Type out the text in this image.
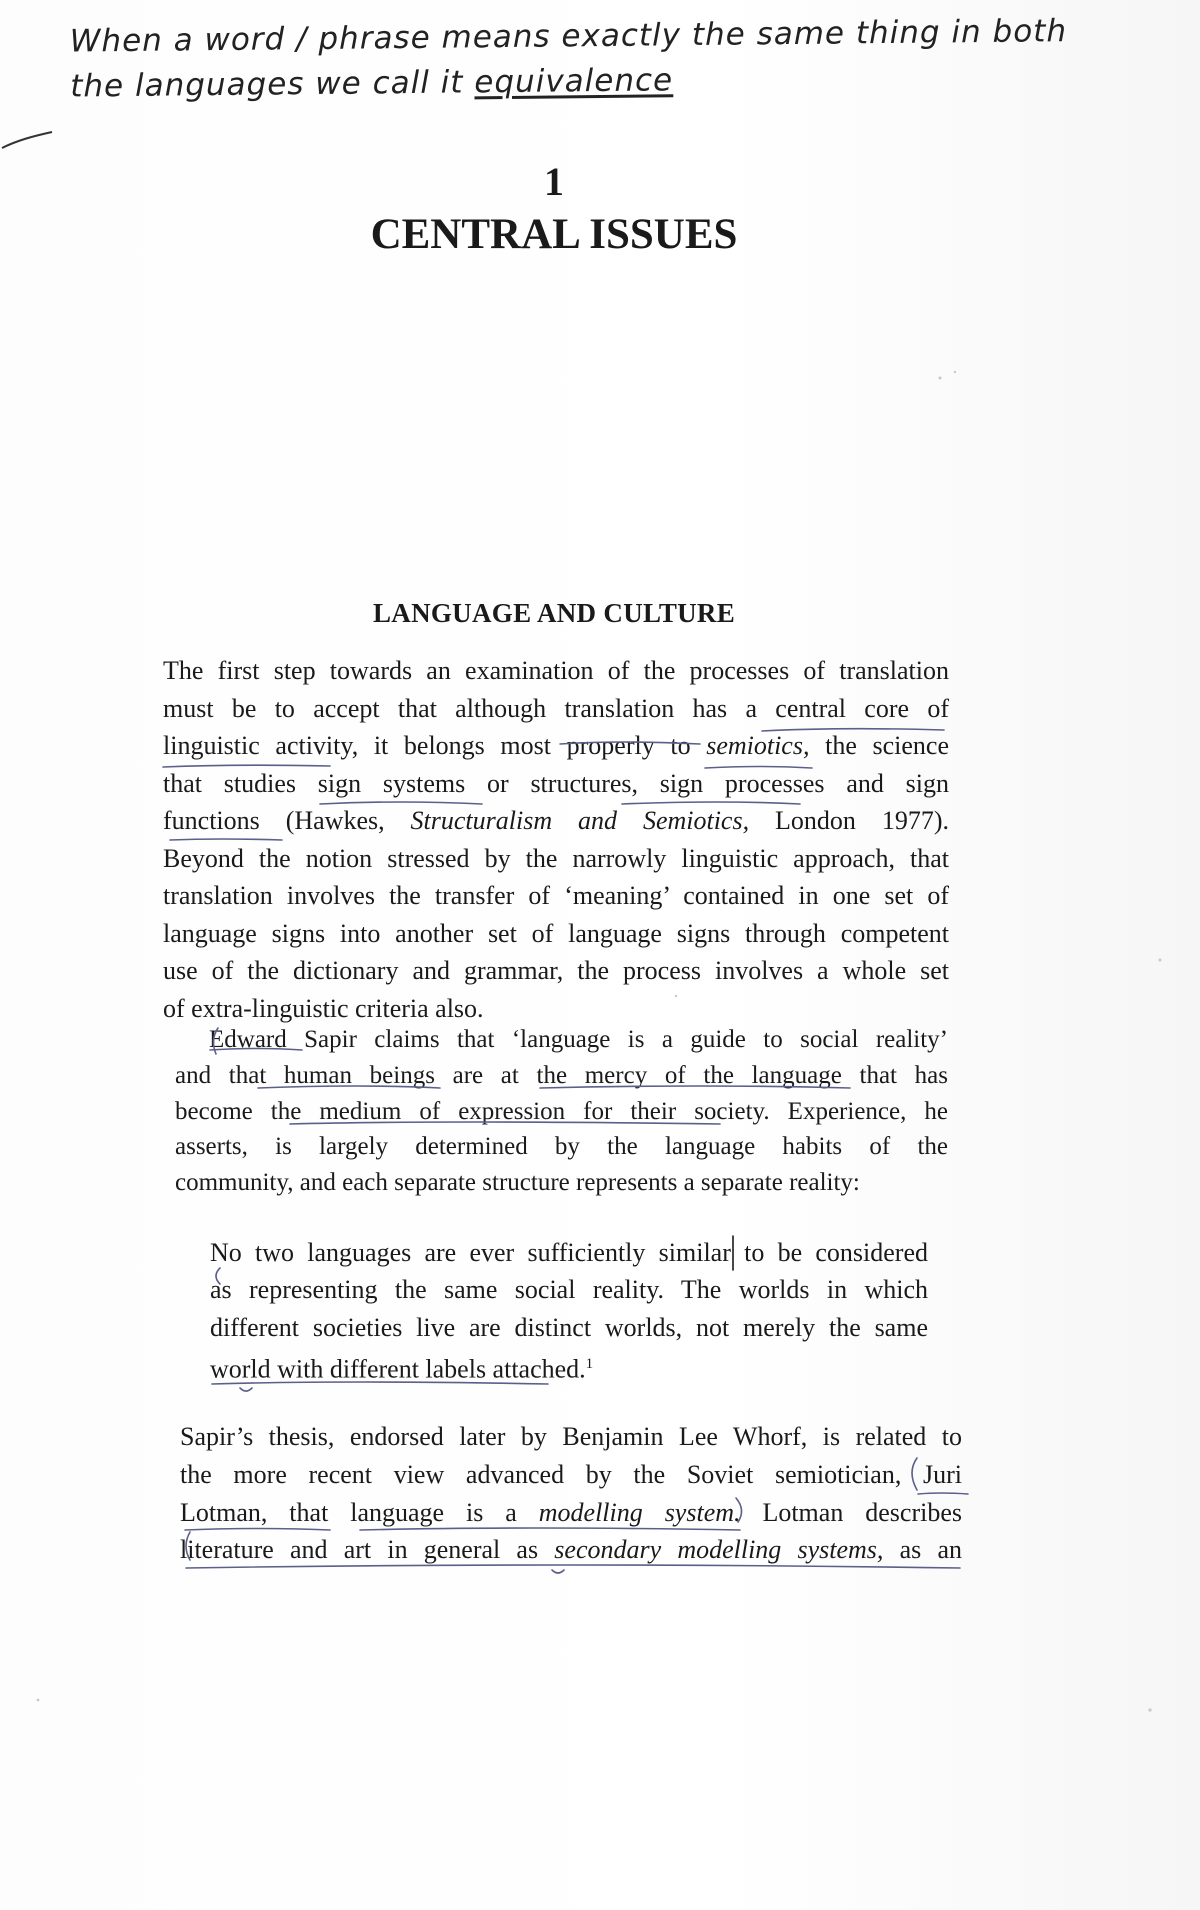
When a word / phrase means exactly the same thing in both
the languages we call it equivalence
1
CENTRAL ISSUES
LANGUAGE AND CULTURE

The first step towards an examination of the processes of translation
must be to accept that although translation has a central core of
linguistic activity, it belongs most properly to semiotics, the science
that studies sign systems or structures, sign processes and sign
functions (Hawkes, Structuralism and Semiotics, London 1977).
Beyond the notion stressed by the narrowly linguistic approach, that
translation involves the transfer of ‘meaning’ contained in one set of
language signs into another set of language signs through competent
use of the dictionary and grammar, the process involves a whole set
of extra-linguistic criteria also.

Edward Sapir claims that ‘language is a guide to social reality’
and that human beings are at the mercy of the language that has
become the medium of expression for their society. Experience, he
asserts, is largely determined by the language habits of the
community, and each separate structure represents a separate reality:

No two languages are ever sufficiently similar to be considered
as representing the same social reality. The worlds in which
different societies live are distinct worlds, not merely the same
world with different labels attached.$^1$

Sapir’s thesis, endorsed later by Benjamin Lee Whorf, is related to
the more recent view advanced by the Soviet semiotician, Juri
Lotman, that language is a modelling system. Lotman describes
literature and art in general as secondary modelling systems, as an
